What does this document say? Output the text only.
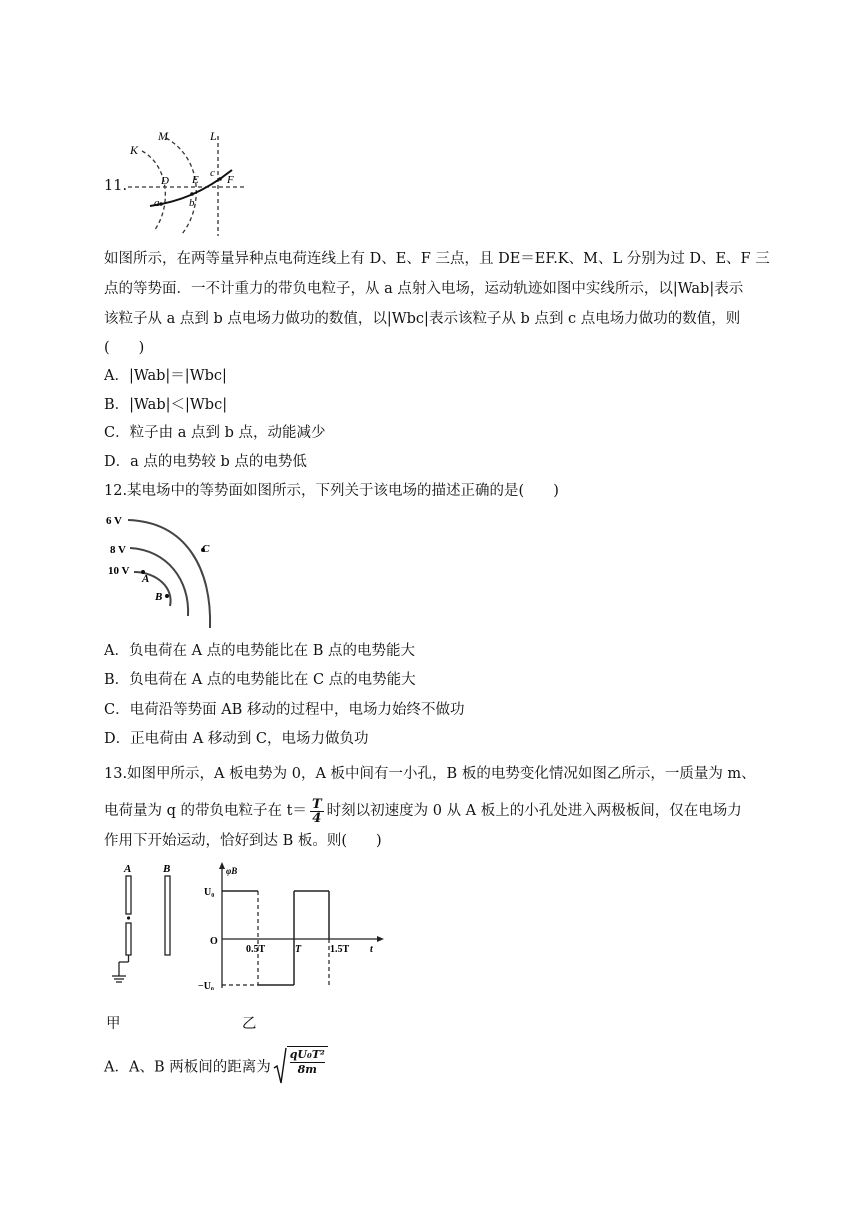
11.
K
M	L
D E	F
a	b
c
如图所示，在两等量异种点电荷连线上有 D、E、F 三点，且 DE＝EF.K、M、L 分别为过 D、E、F 三
点的等势面．一不计重力的带负电粒子，从 a 点射入电场，运动轨迹如图中实线所示，以|Wab|表示
该粒子从 a 点到 b 点电场力做功的数值，以|Wbc|表示该粒子从 b 点到 c 点电场力做功的数值，则
(　　)
A．|Wab|＝|Wbc|
B．|Wab|＜|Wbc|
C．粒子由 a 点到 b 点，动能减少
D．a 点的电势较 b 点的电势低
12.某电场中的等势面如图所示，下列关于该电场的描述正确的是(　　)
6 V
8 V
10 V
A
B
C
A．负电荷在 A 点的电势能比在 B 点的电势能大
B．负电荷在 A 点的电势能比在 C 点的电势能大
C．电荷沿等势面 AB 移动的过程中，电场力始终不做功
D．正电荷由 A 移动到 C，电场力做负功
13.如图甲所示，A 板电势为 0，A 板中间有一小孔，B 板的电势变化情况如图乙所示，一质量为 m、
电荷量为 q 的带负电粒子在 $t= \frac{T}{4}$ 时刻以初速度为 0 从 A 板上的小孔处进入两极板间，仅在电场力
作用下开始运动，恰好到达 B 板。则(　　)
A	B	φB
U₀
O
−U₀
0.5T	T	1.5T t
甲	乙
A．A、B 两板间的距离为 $\frac{\text{qU₀T²}}{8m}$
